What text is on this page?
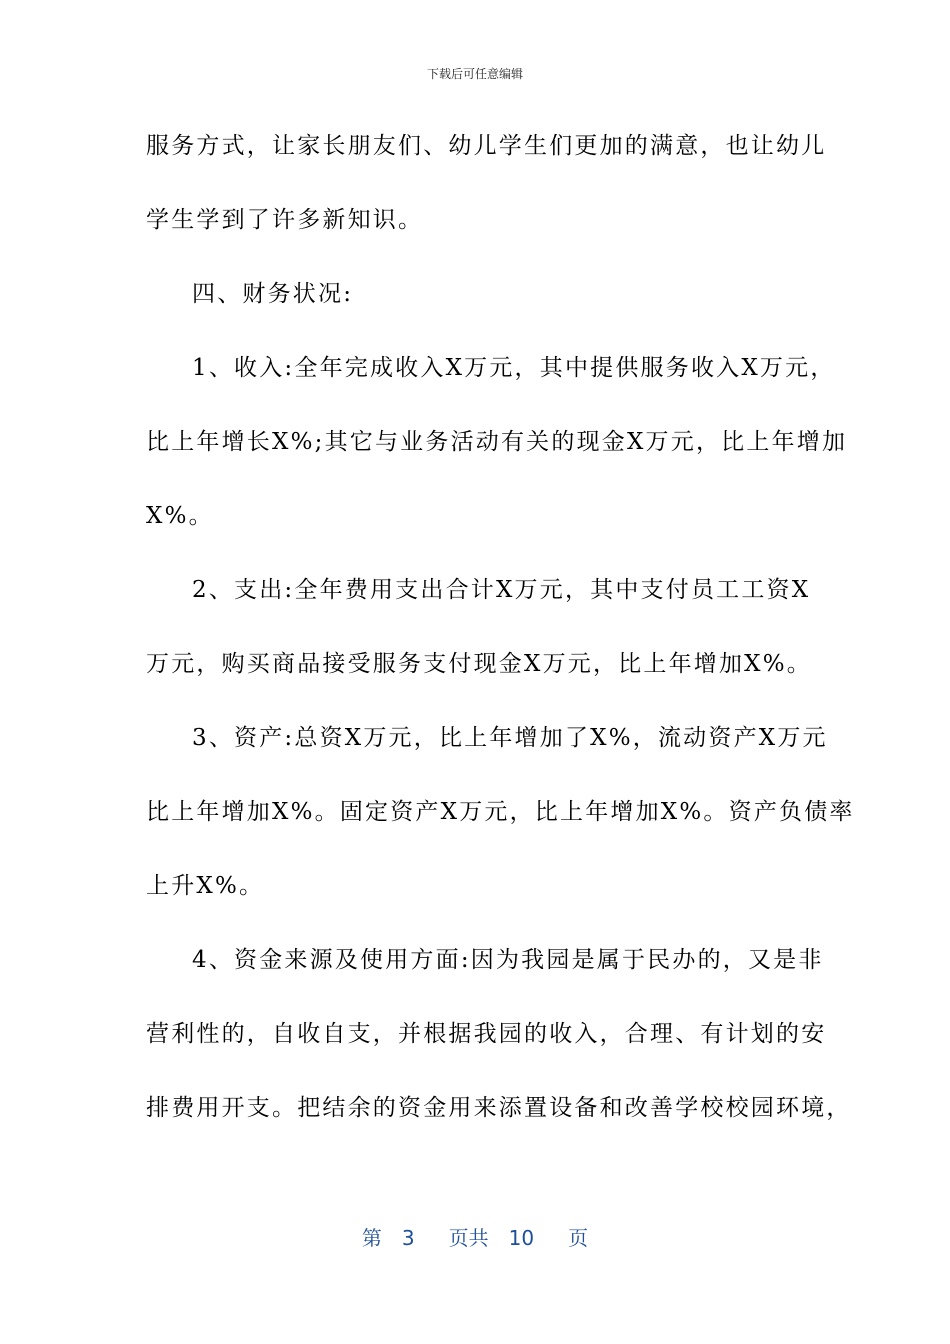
下载后可任意编辑
服务方式，让家长朋友们、幼儿学生们更加的满意，也让幼儿
学生学到了许多新知识。
四、财务状况:
1、收入:全年完成收入X万元，其中提供服务收入X万元，
比上年增长X%;其它与业务活动有关的现金X万元，比上年增加
X%。
2、支出:全年费用支出合计X万元，其中支付员工工资X
万元，购买商品接受服务支付现金X万元，比上年增加X%。
3、资产:总资X万元，比上年增加了X%，流动资产X万元
比上年增加X%。固定资产X万元，比上年增加X%。资产负债率
上升X%。
4、资金来源及使用方面:因为我园是属于民办的，又是非
营利性的，自收自支，并根据我园的收入，合理、有计划的安
排费用开支。把结余的资金用来添置设备和改善学校校园环境，
第 3 页共 10 页
